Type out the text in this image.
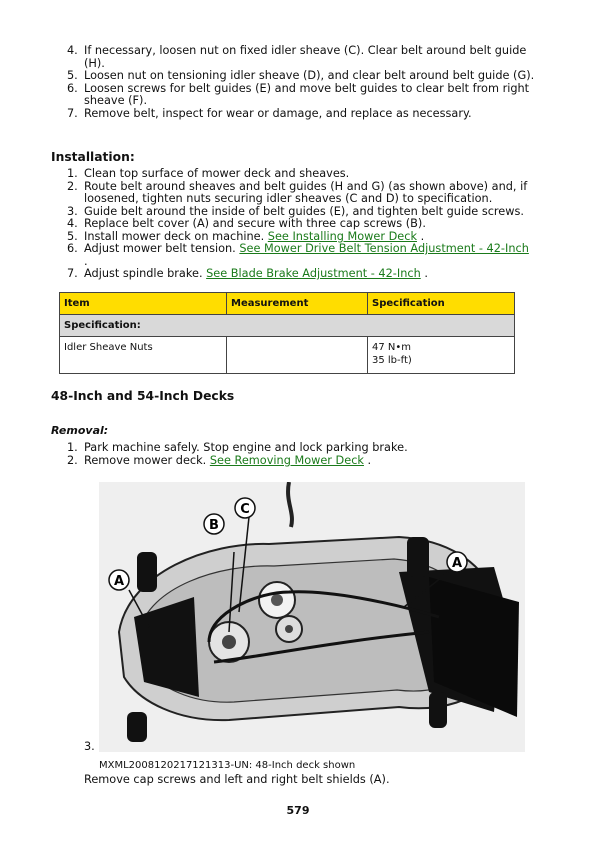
4. If necessary, loosen nut on fixed idler sheave (C). Clear belt around belt guide (H).
5. Loosen nut on tensioning idler sheave (D), and clear belt around belt guide (G).
6. Loosen screws for belt guides (E) and move belt guides to clear belt from right sheave (F).
7. Remove belt, inspect for wear or damage, and replace as necessary.
Installation:
1. Clean top surface of mower deck and sheaves.
2. Route belt around sheaves and belt guides (H and G) (as shown above) and, if loosened, tighten nuts securing idler sheaves (C and D) to specification.
3. Guide belt around the inside of belt guides (E), and tighten belt guide screws.
4. Replace belt cover (A) and secure with three cap screws (B).
5. Install mower deck on machine. See Installing Mower Deck .
6. Adjust mower belt tension. See Mower Drive Belt Tension Adjustment - 42-Inch
.
7. Adjust spindle brake. See Blade Brake Adjustment - 42-Inch .
Item	Measurement	Specification
Specification:		
Idler Sheave Nuts		47 N•m
35 lb-ft)
48-Inch and 54-Inch Decks
Removal:
1. Park machine safely. Stop engine and lock parking brake.
2. Remove mower deck. See Removing Mower Deck .
A
B
C
A
3.
MXML2008120217121313-UN: 48-Inch deck shown
Remove cap screws and left and right belt shields (A).
579
